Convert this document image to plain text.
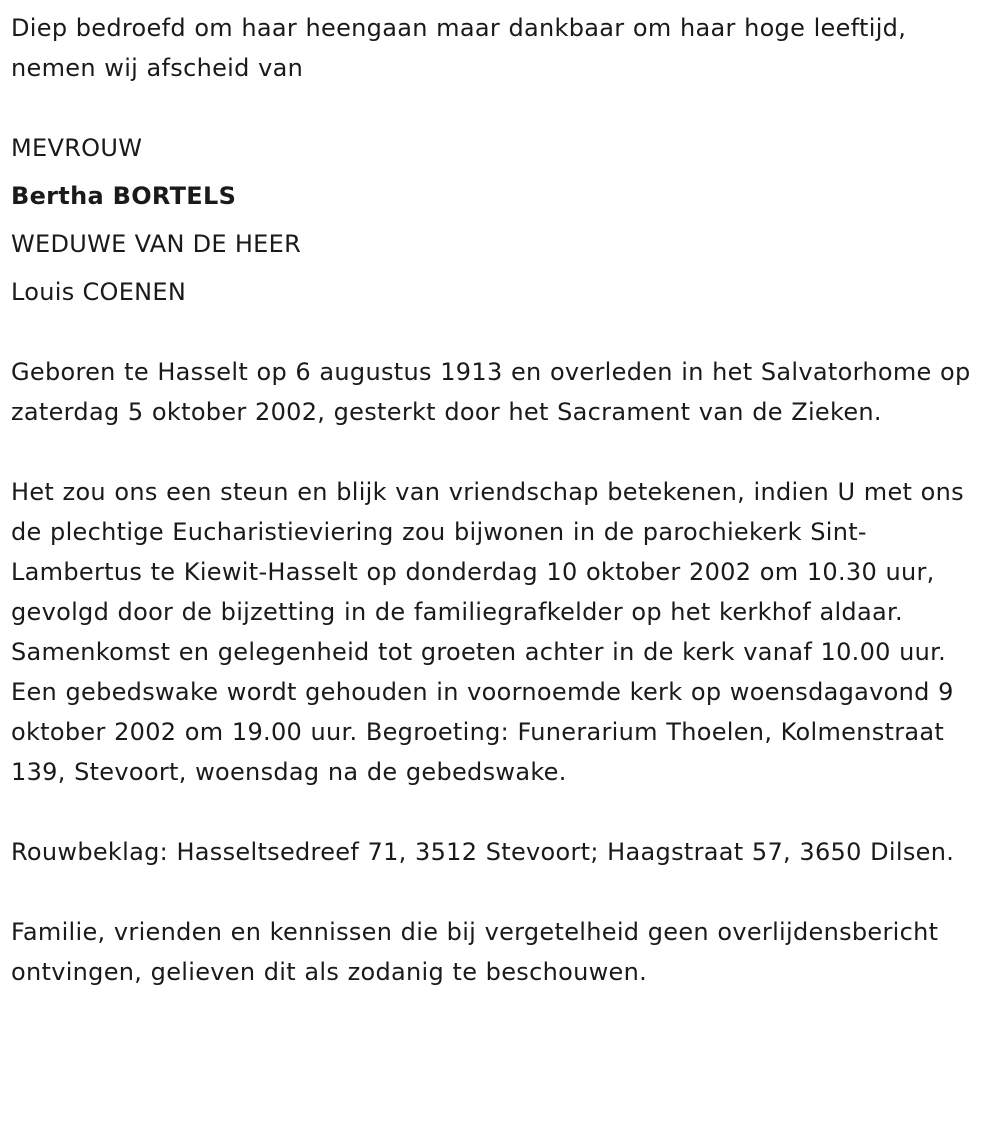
Diep bedroefd om haar heengaan maar dankbaar om haar hoge leeftijd, nemen wij afscheid van

MEVROUW
Bertha BORTELS
WEDUWE VAN DE HEER
Louis COENEN

Geboren te Hasselt op 6 augustus 1913 en overleden in het Salvatorhome op zaterdag 5 oktober 2002, gesterkt door het Sacrament van de Zieken.

Het zou ons een steun en blijk van vriendschap betekenen, indien U met ons de plechtige Eucharistieviering zou bijwonen in de parochiekerk Sint-Lambertus te Kiewit-Hasselt op donderdag 10 oktober 2002 om 10.30 uur, gevolgd door de bijzetting in de familiegrafkelder op het kerkhof aldaar. Samenkomst en gelegenheid tot groeten achter in de kerk vanaf 10.00 uur. Een gebedswake wordt gehouden in voornoemde kerk op woensdagavond 9 oktober 2002 om 19.00 uur. Begroeting: Funerarium Thoelen, Kolmenstraat 139, Stevoort, woensdag na de gebedswake.

Rouwbeklag: Hasseltsedreef 71, 3512 Stevoort; Haagstraat 57, 3650 Dilsen.

Familie, vrienden en kennissen die bij vergetelheid geen overlijdensbericht ontvingen, gelieven dit als zodanig te beschouwen.
